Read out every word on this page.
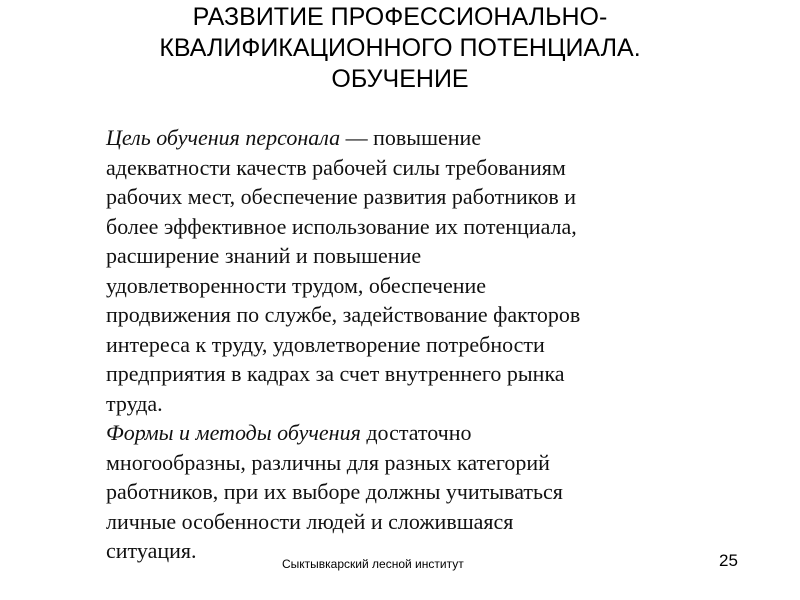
РАЗВИТИЕ ПРОФЕССИОНАЛЬНО-
КВАЛИФИКАЦИОННОГО ПОТЕНЦИАЛА.
ОБУЧЕНИЕ

Цель обучения персонала — повышение
адекватности качеств рабочей силы требованиям
рабочих мест, обеспечение развития работников и
более эффективное использование их потенциала,
расширение знаний и повышение
удовлетворенности трудом, обеспечение
продвижения по службе, задействование факторов
интереса к труду, удовлетворение потребности
предприятия в кадрах за счет внутреннего рынка
труда.

Формы и методы обучения достаточно
многообразны, различны для разных категорий
работников, при их выборе должны учитываться
личные особенности людей и сложившаяся
ситуация.

Сыктывкарский лесной институт	25
